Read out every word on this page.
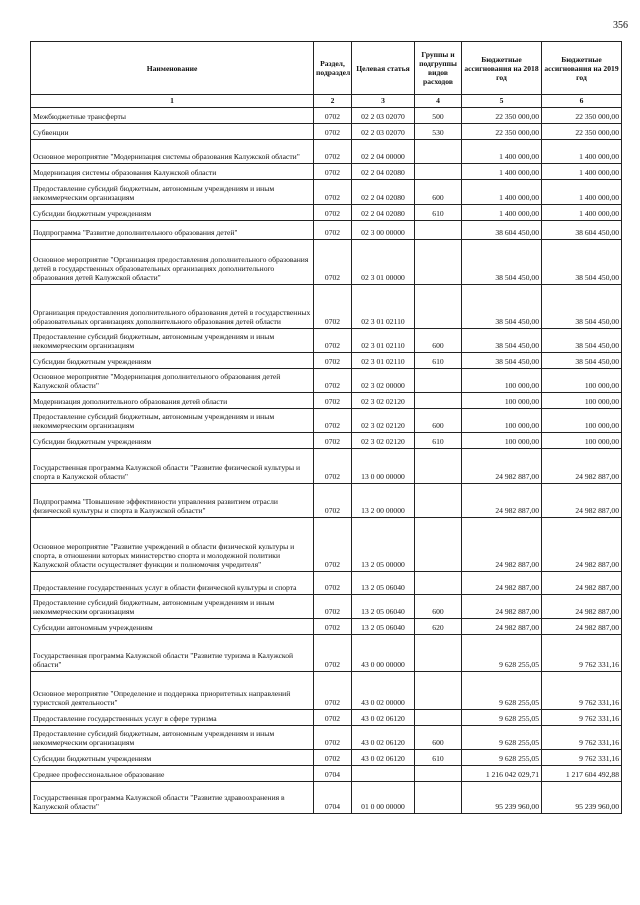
356
Наименование	Раздел, подраздел	Целевая статья	Группы и подгруппы видов расходов	Бюджетные ассигнования на 2018 год	Бюджетные ассигнования на 2019 год
1	2	3	4	5	6
Межбюджетные трансферты	0702	02 2 03 02070	500	22 350 000,00	22 350 000,00
Субвенции	0702	02 2 03 02070	530	22 350 000,00	22 350 000,00
Основное мероприятие "Модернизация системы образования Калужской области"	0702	02 2 04 00000		1 400 000,00	1 400 000,00
Модернизация системы образования Калужской области	0702	02 2 04 02080		1 400 000,00	1 400 000,00
Предоставление субсидий бюджетным, автономным учреждениям и иным некоммерческим организациям	0702	02 2 04 02080	600	1 400 000,00	1 400 000,00
Субсидии бюджетным учреждениям	0702	02 2 04 02080	610	1 400 000,00	1 400 000,00
Подпрограмма "Развитие дополнительного образования детей"	0702	02 3 00 00000		38 604 450,00	38 604 450,00
Основное мероприятие "Организация предоставления дополнительного образования детей в государственных образовательных организациях дополнительного образования детей Калужской области"	0702	02 3 01 00000		38 504 450,00	38 504 450,00
Организация предоставления дополнительного образования детей в государственных образовательных организациях дополнительного образования детей области	0702	02 3 01 02110		38 504 450,00	38 504 450,00
Предоставление субсидий бюджетным, автономным учреждениям и иным некоммерческим организациям	0702	02 3 01 02110	600	38 504 450,00	38 504 450,00
Субсидии бюджетным учреждениям	0702	02 3 01 02110	610	38 504 450,00	38 504 450,00
Основное мероприятие "Модернизация дополнительного образования детей Калужской области"	0702	02 3 02 00000		100 000,00	100 000,00
Модернизация дополнительного образования детей области	0702	02 3 02 02120		100 000,00	100 000,00
Предоставление субсидий бюджетным, автономным учреждениям и иным некоммерческим организациям	0702	02 3 02 02120	600	100 000,00	100 000,00
Субсидии бюджетным учреждениям	0702	02 3 02 02120	610	100 000,00	100 000,00
Государственная программа Калужской области "Развитие физической культуры и спорта в Калужской области"	0702	13 0 00 00000		24 982 887,00	24 982 887,00
Подпрограмма "Повышение эффективности управления развитием отрасли физической культуры и спорта в Калужской области"	0702	13 2 00 00000		24 982 887,00	24 982 887,00
Основное мероприятие "Развитие учреждений в области физической культуры и спорта, в отношении которых министерство спорта и молодежной политики Калужской области осуществляет функции и полномочия учредителя"	0702	13 2 05 00000		24 982 887,00	24 982 887,00
Предоставление государственных услуг в области физической культуры и спорта	0702	13 2 05 06040		24 982 887,00	24 982 887,00
Предоставление субсидий бюджетным, автономным учреждениям и иным некоммерческим организациям	0702	13 2 05 06040	600	24 982 887,00	24 982 887,00
Субсидии автономным учреждениям	0702	13 2 05 06040	620	24 982 887,00	24 982 887,00
Государственная программа Калужской области "Развитие туризма в Калужской области"	0702	43 0 00 00000		9 628 255,05	9 762 331,16
Основное мероприятие "Определение и поддержка приоритетных направлений туристской деятельности"	0702	43 0 02 00000		9 628 255,05	9 762 331,16
Предоставление государственных услуг в сфере туризма	0702	43 0 02 06120		9 628 255,05	9 762 331,16
Предоставление субсидий бюджетным, автономным учреждениям и иным некоммерческим организациям	0702	43 0 02 06120	600	9 628 255,05	9 762 331,16
Субсидии бюджетным учреждениям	0702	43 0 02 06120	610	9 628 255,05	9 762 331,16
Среднее профессиональное образование	0704			1 216 042 029,71	1 217 604 492,88
Государственная программа Калужской области "Развитие здравоохранения в Калужской области"	0704	01 0 00 00000		95 239 960,00	95 239 960,00
